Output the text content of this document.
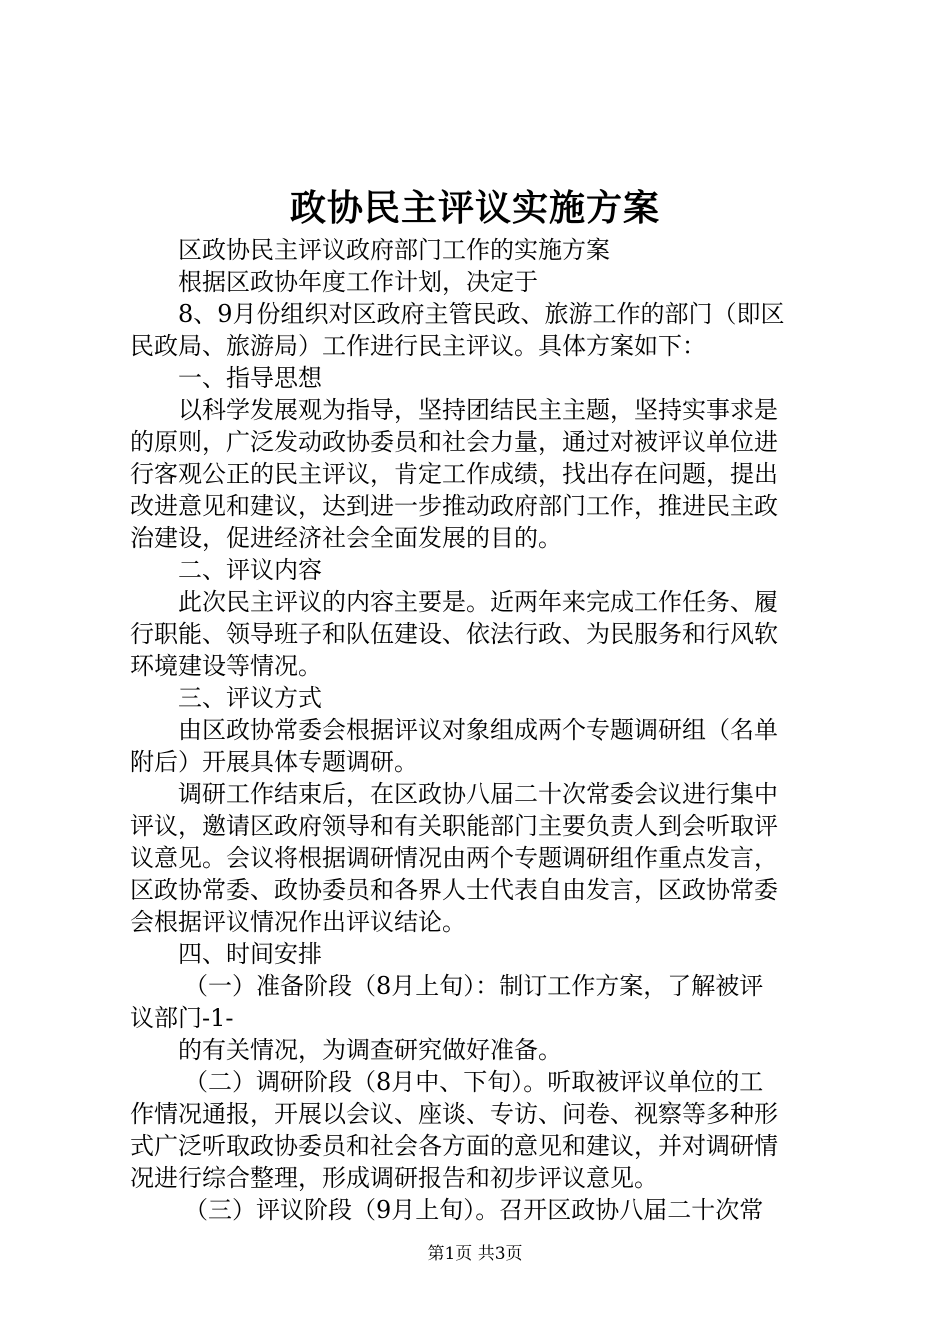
政协民主评议实施方案
区政协民主评议政府部门工作的实施方案
根据区政协年度工作计划，决定于
8、9月份组织对区政府主管民政、旅游工作的部门（即区
民政局、旅游局）工作进行民主评议。具体方案如下：
一、指导思想
以科学发展观为指导，坚持团结民主主题，坚持实事求是
的原则，广泛发动政协委员和社会力量，通过对被评议单位进
行客观公正的民主评议，肯定工作成绩，找出存在问题，提出
改进意见和建议，达到进一步推动政府部门工作，推进民主政
治建设，促进经济社会全面发展的目的。
二、评议内容
此次民主评议的内容主要是。近两年来完成工作任务、履
行职能、领导班子和队伍建设、依法行政、为民服务和行风软
环境建设等情况。
三、评议方式
由区政协常委会根据评议对象组成两个专题调研组（名单
附后）开展具体专题调研。
调研工作结束后，在区政协八届二十次常委会议进行集中
评议，邀请区政府领导和有关职能部门主要负责人到会听取评
议意见。会议将根据调研情况由两个专题调研组作重点发言，
区政协常委、政协委员和各界人士代表自由发言，区政协常委
会根据评议情况作出评议结论。
四、时间安排
（一）准备阶段（8月上旬）：制订工作方案，了解被评
议部门-1-
的有关情况，为调查研究做好准备。
（二）调研阶段（8月中、下旬）。听取被评议单位的工
作情况通报，开展以会议、座谈、专访、问卷、视察等多种形
式广泛听取政协委员和社会各方面的意见和建议，并对调研情
况进行综合整理，形成调研报告和初步评议意见。
（三）评议阶段（9月上旬）。召开区政协八届二十次常
第1页 共3页
